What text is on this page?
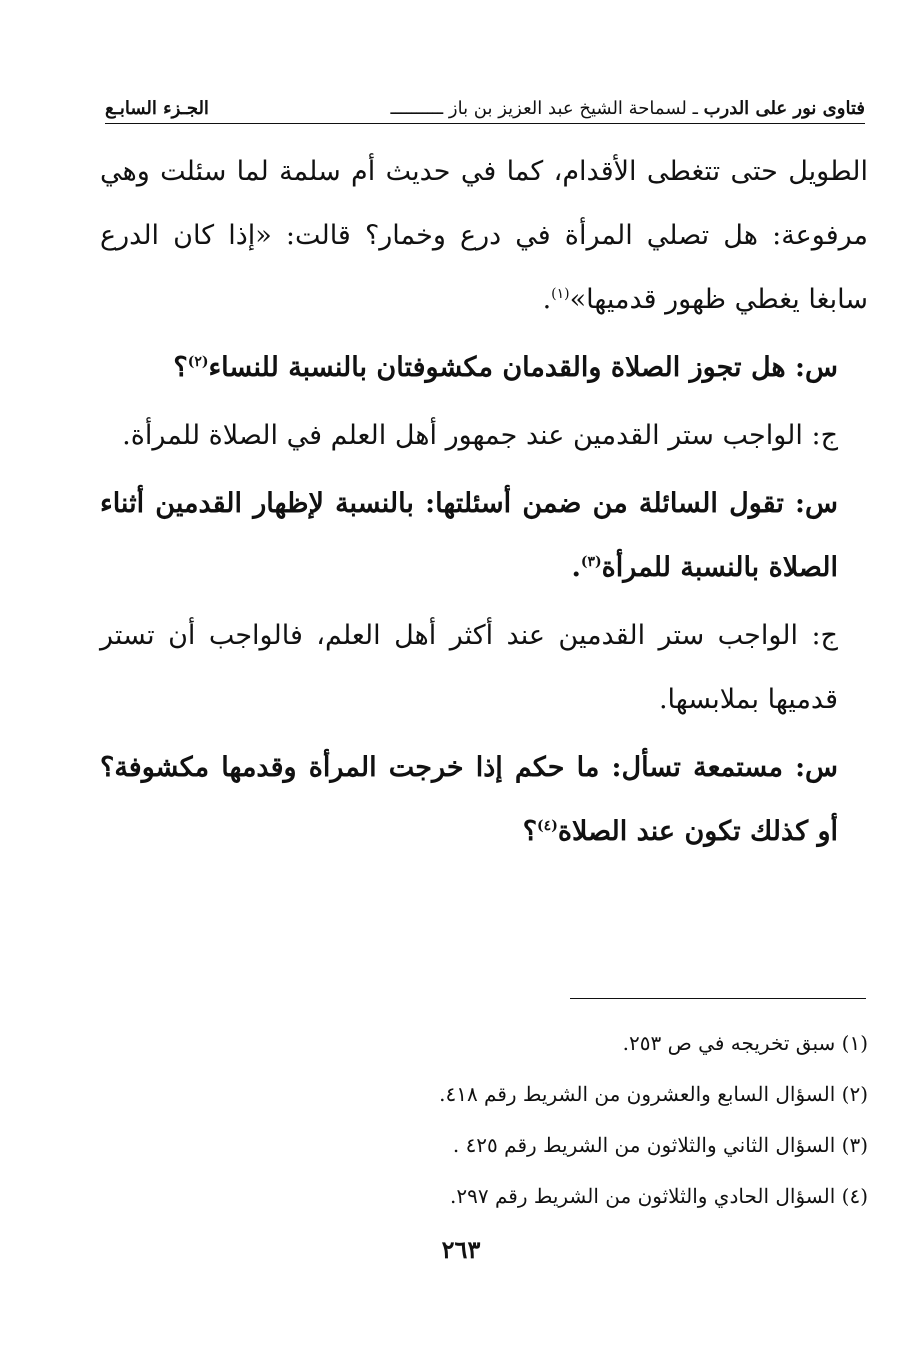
فتاوى نور على الدرب ـ لسماحة الشيخ عبد العزيز بن باز ــــــــــ
الجـزء السابـع

الطويل حتى تتغطى الأقدام، كما في حديث أم سلمة لما سئلت وهي مرفوعة: هل تصلي المرأة في درع وخمار؟ قالت: «إذا كان الدرع سابغا يغطي ظهور قدميها»$^{(١)}$.

س: هل تجوز الصلاة والقدمان مكشوفتان بالنسبة للنساء$^{(٢)}$؟

ج: الواجب ستر القدمين عند جمهور أهل العلم في الصلاة للمرأة.

س: تقول السائلة من ضمن أسئلتها: بالنسبة لإظهار القدمين أثناء الصلاة بالنسبة للمرأة$^{(٣)}$.

ج: الواجب ستر القدمين عند أكثر أهل العلم، فالواجب أن تستر قدميها بملابسها.

س: مستمعة تسأل: ما حكم إذا خرجت المرأة وقدمها مكشوفة؟ أو كذلك تكون عند الصلاة$^{(٤)}$؟

(١) سبق تخريجه في ص ٢٥٣.
(٢) السؤال السابع والعشرون من الشريط رقم ٤١٨.
(٣) السؤال الثاني والثلاثون من الشريط رقم ٤٢٥ .
(٤) السؤال الحادي والثلاثون من الشريط رقم ٢٩٧.
٢٦٣
